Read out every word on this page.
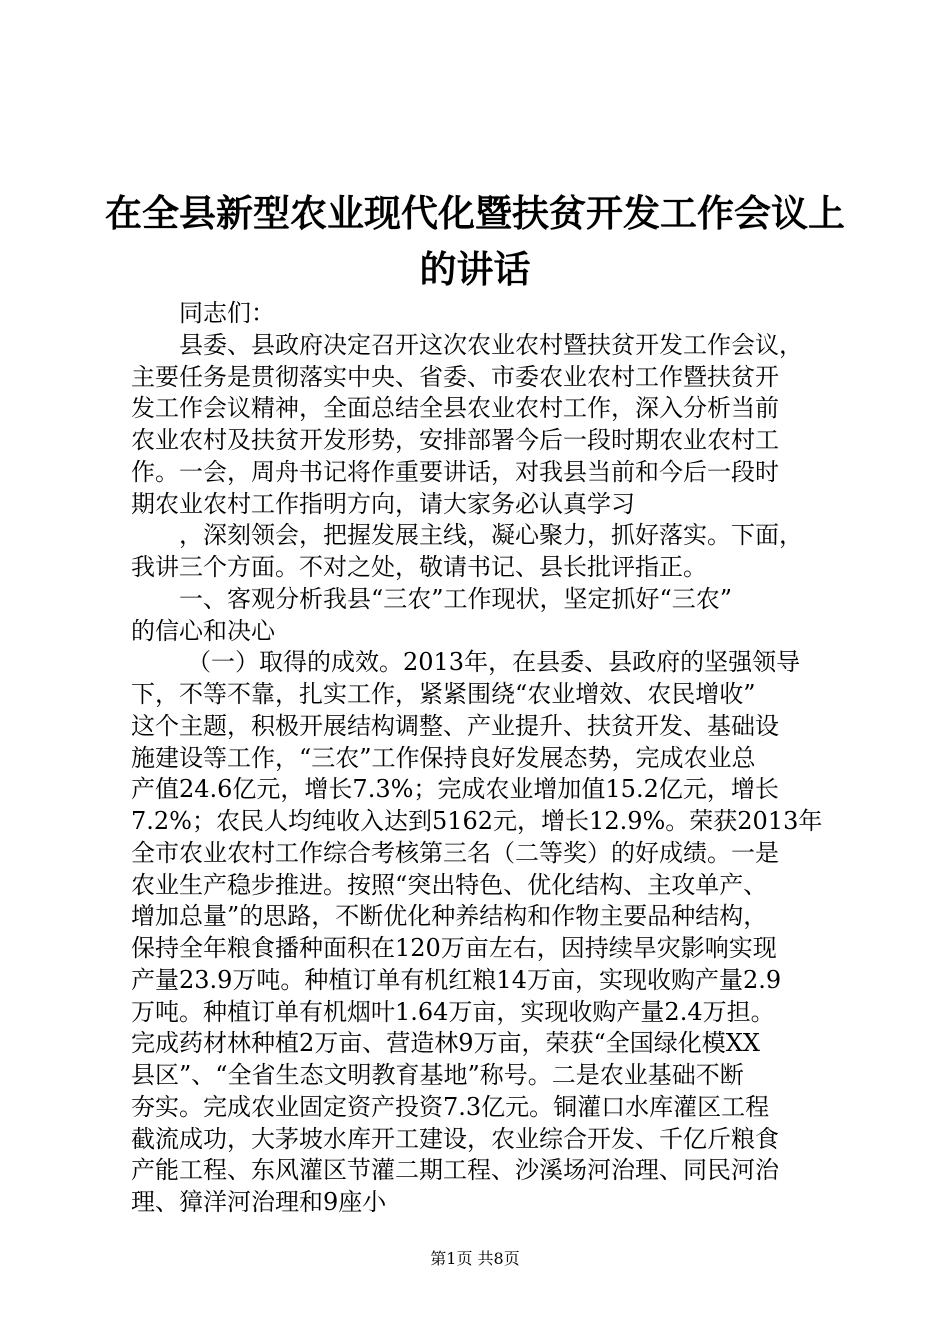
在全县新型农业现代化暨扶贫开发工作会议上
的讲话
同志们：
县委、县政府决定召开这次农业农村暨扶贫开发工作会议，
主要任务是贯彻落实中央、省委、市委农业农村工作暨扶贫开
发工作会议精神，全面总结全县农业农村工作，深入分析当前
农业农村及扶贫开发形势，安排部署今后一段时期农业农村工
作。一会，周舟书记将作重要讲话，对我县当前和今后一段时
期农业农村工作指明方向，请大家务必认真学习
，深刻领会，把握发展主线，凝心聚力，抓好落实。下面，
我讲三个方面。不对之处，敬请书记、县长批评指正。
一、客观分析我县“三农”工作现状，坚定抓好“三农”
的信心和决心
（一）取得的成效。2013年，在县委、县政府的坚强领导
下，不等不靠，扎实工作，紧紧围绕“农业增效、农民增收”
这个主题，积极开展结构调整、产业提升、扶贫开发、基础设
施建设等工作，“三农”工作保持良好发展态势，完成农业总
产值24.6亿元，增长7.3%；完成农业增加值15.2亿元，增长
7.2%；农民人均纯收入达到5162元，增长12.9%。荣获2013年
全市农业农村工作综合考核第三名（二等奖）的好成绩。一是
农业生产稳步推进。按照“突出特色、优化结构、主攻单产、
增加总量”的思路，不断优化种养结构和作物主要品种结构，
保持全年粮食播种面积在120万亩左右，因持续旱灾影响实现
产量23.9万吨。种植订单有机红粮14万亩，实现收购产量2.9
万吨。种植订单有机烟叶1.64万亩，实现收购产量2.4万担。
完成药材林种植2万亩、营造林9万亩，荣获“全国绿化模XX
县区”、“全省生态文明教育基地”称号。二是农业基础不断
夯实。完成农业固定资产投资7.3亿元。铜灌口水库灌区工程
截流成功，大茅坡水库开工建设，农业综合开发、千亿斤粮食
产能工程、东风灌区节灌二期工程、沙溪场河治理、同民河治
理、獐洋河治理和9座小
第1页 共8页
